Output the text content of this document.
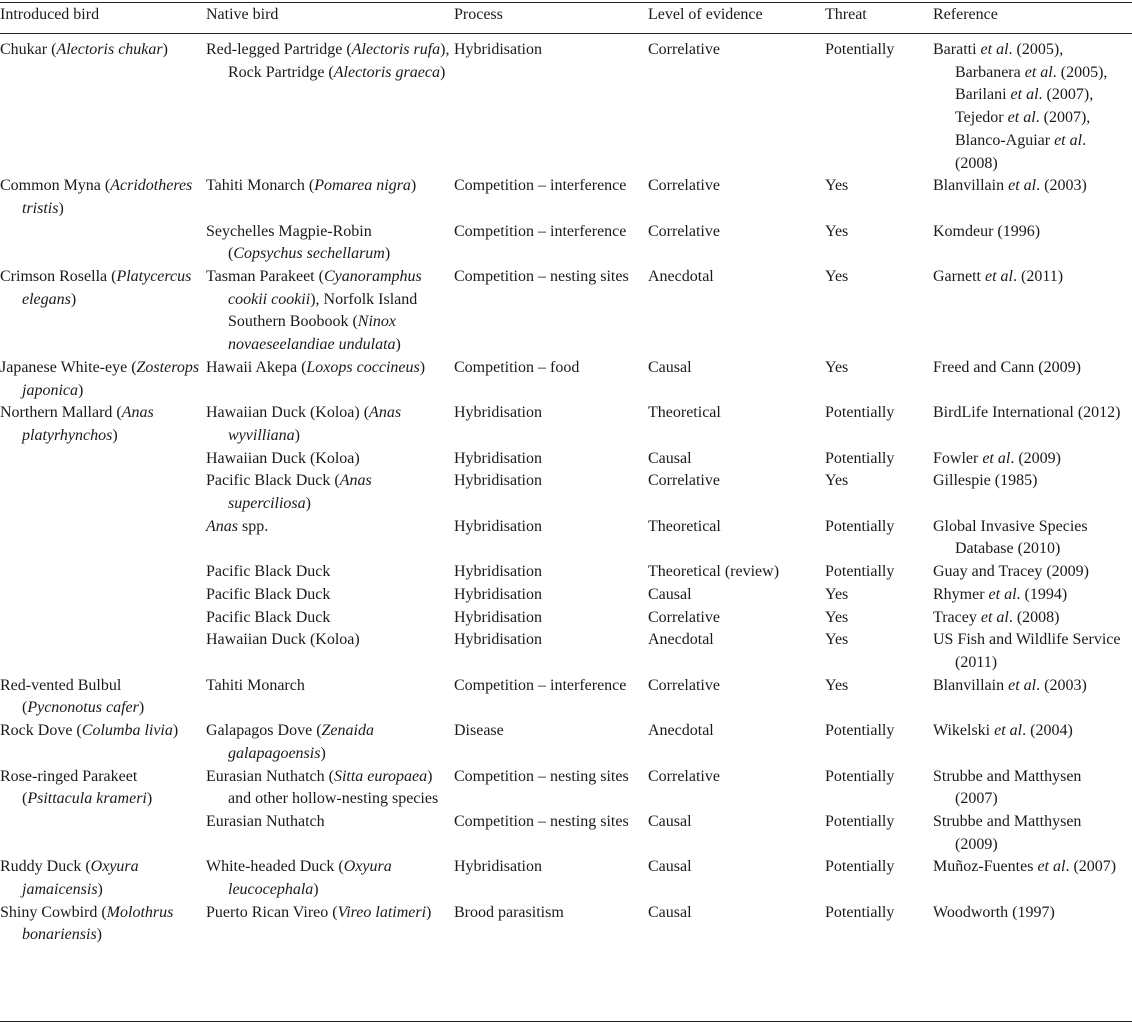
Introduced bird	Native bird	Process	Level of evidence	Threat	Reference

Chukar (Alectoris chukar)	Red-legged Partridge (Alectoris rufa), Rock Partridge (Alectoris graeca)	Hybridisation	Correlative	Potentially	Baratti et al. (2005), Barbanera et al. (2005), Barilani et al. (2007), Tejedor et al. (2007), Blanco-Aguiar et al. (2008)

Common Myna (Acridotheres tristis)	Tahiti Monarch (Pomarea nigra)	Competition – interference	Correlative	Yes	Blanvillain et al. (2003)

	Seychelles Magpie-Robin (Copsychus sechellarum)	Competition – interference	Correlative	Yes	Komdeur (1996)

Crimson Rosella (Platycercus elegans)	Tasman Parakeet (Cyanoramphus cookii cookii), Norfolk Island Southern Boobook (Ninox novaeseelandiae undulata)	Competition – nesting sites	Anecdotal	Yes	Garnett et al. (2011)

Japanese White-eye (Zosterops japonica)	Hawaii Akepa (Loxops coccineus)	Competition – food	Causal	Yes	Freed and Cann (2009)

Northern Mallard (Anas platyrhynchos)	Hawaiian Duck (Koloa) (Anas wyvilliana)	Hybridisation	Theoretical	Potentially	BirdLife International (2012)

	Hawaiian Duck (Koloa)	Hybridisation	Causal	Potentially	Fowler et al. (2009)

	Pacific Black Duck (Anas superciliosa)	Hybridisation	Correlative	Yes	Gillespie (1985)

	Anas spp.	Hybridisation	Theoretical	Potentially	Global Invasive Species Database (2010)

	Pacific Black Duck	Hybridisation	Theoretical (review)	Potentially	Guay and Tracey (2009)

	Pacific Black Duck	Hybridisation	Causal	Yes	Rhymer et al. (1994)

	Pacific Black Duck	Hybridisation	Correlative	Yes	Tracey et al. (2008)

	Hawaiian Duck (Koloa)	Hybridisation	Anecdotal	Yes	US Fish and Wildlife Service (2011)

Red-vented Bulbul (Pycnonotus cafer)	Tahiti Monarch	Competition – interference	Correlative	Yes	Blanvillain et al. (2003)

Rock Dove (Columba livia)	Galapagos Dove (Zenaida galapagoensis)	Disease	Anecdotal	Potentially	Wikelski et al. (2004)

Rose-ringed Parakeet (Psittacula krameri)	Eurasian Nuthatch (Sitta europaea) and other hollow-nesting species	Competition – nesting sites	Correlative	Potentially	Strubbe and Matthysen (2007)

	Eurasian Nuthatch	Competition – nesting sites	Causal	Potentially	Strubbe and Matthysen (2009)

Ruddy Duck (Oxyura jamaicensis)	White-headed Duck (Oxyura leucocephala)	Hybridisation	Causal	Potentially	Muñoz-Fuentes et al. (2007)

Shiny Cowbird (Molothrus bonariensis)	Puerto Rican Vireo (Vireo latimeri)	Brood parasitism	Causal	Potentially	Woodworth (1997)
